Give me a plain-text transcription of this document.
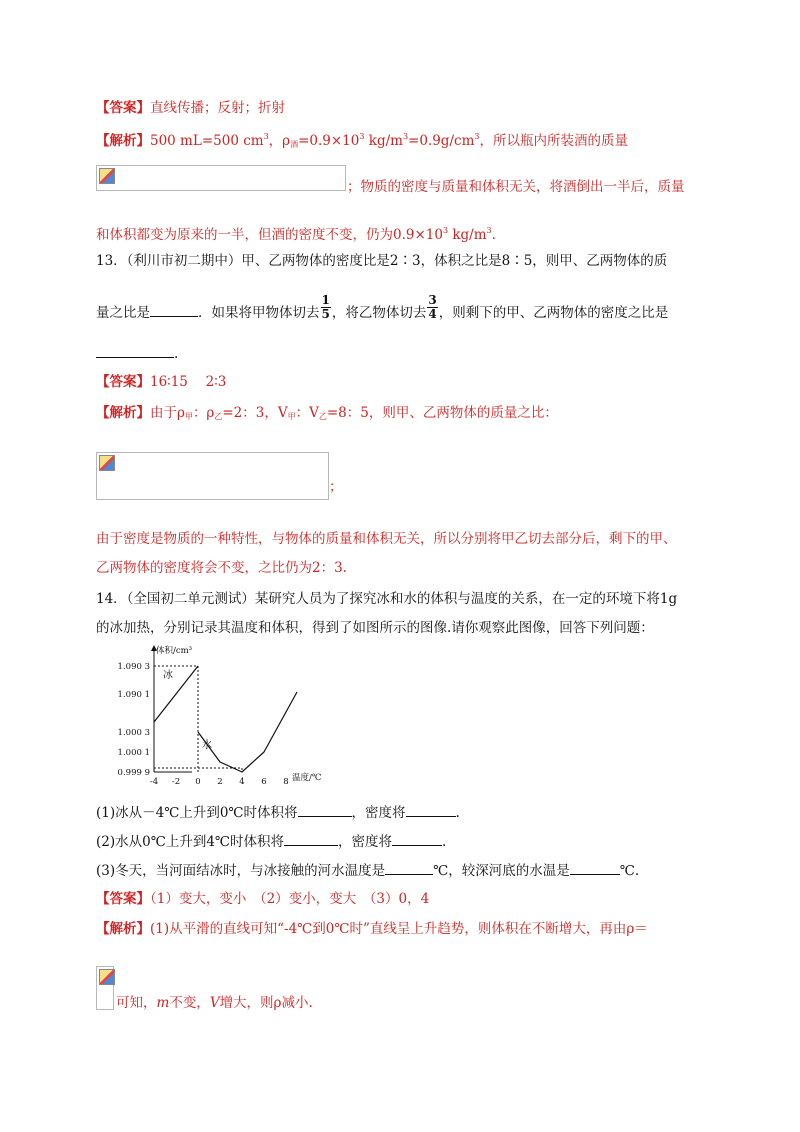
【答案】直线传播；反射；折射
【解析】500 mL=500 $cm^3$，$\rho_酒=0.9\times 10^3$ $kg/m^3=0.9g/cm^3$，所以瓶内所装酒的质量
；物质的密度与质量和体积无关，将酒倒出一半后，质量
和体积都变为原来的一半，但酒的密度不变，仍为$0.9\times 10^3$ $kg/m^3$.
13．（利川市初二期中）甲、乙两物体的密度比是2∶3，体积之比是8∶5，则甲、乙两物体的质
量之比是	．如果将甲物体切去 $\frac{1}{5}$ ，将乙物体切去 $\frac{3}{4}$ ，则剩下的甲、乙两物体的密度之比是
.
【答案】16∶15　 2∶3
【解析】由于$\rho_甲$：$\rho_乙=2$：3，$V_甲$：$V_乙=8$：5，则甲、乙两物体的质量之比：
；
由于密度是物质的一种特性，与物体的质量和体积无关，所以分别将甲乙切去部分后，剩下的甲、
乙两物体的密度将会不变，之比仍为2：3.
14．（全国初二单元测试）某研究人员为了探究冰和水的体积与温度的关系，在一定的环境下将1g
的冰加热，分别记录其温度和体积，得到了如图所示的图像.请你观察此图像，回答下列问题：
体积/cm³
温度/℃
1.090 3
1.090 1
1.000 3
1.000 1
0.999 9
-4 -2 0 2 4 6 8
冰
水
(1)冰从－4℃上升到0℃时体积将	，密度将	.
(2)水从0℃上升到4℃时体积将	，密度将	.
(3)冬天，当河面结冰时，与冰接触的河水温度是	℃，较深河底的水温是	℃.
【答案】（1）变大，变小　（2）变小，变大　（3）0，4
【解析】(1)从平滑的直线可知“-4℃到0℃时”直线呈上升趋势，则体积在不断增大，再由ρ＝
可知，m不变，V增大，则ρ减小.
